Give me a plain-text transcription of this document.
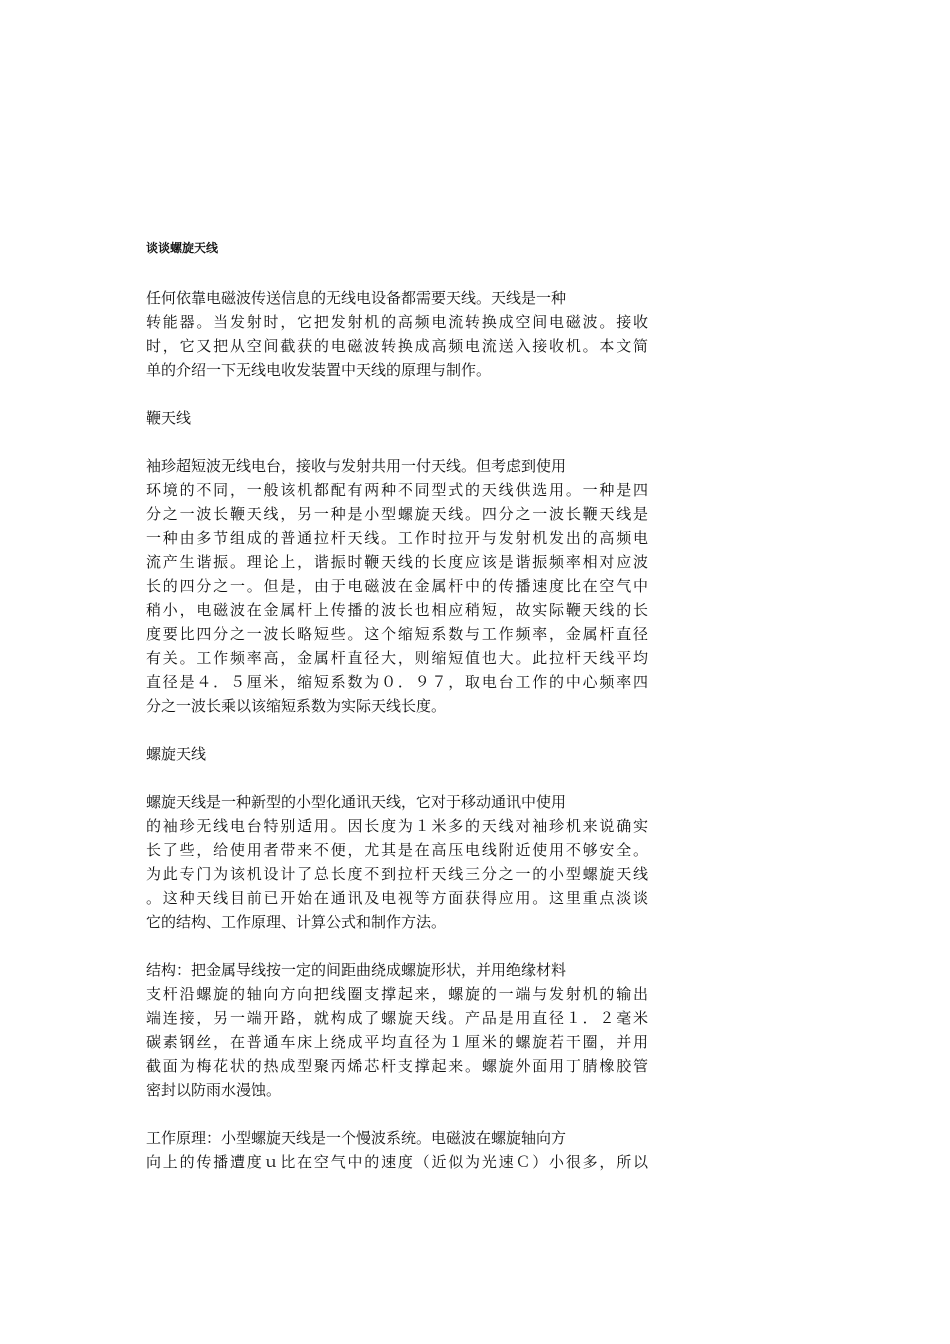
谈谈螺旋天线
任何依靠电磁波传送信息的无线电设备都需要天线。天线是一种
转能器。当发射时，它把发射机的高频电流转换成空间电磁波。接收
时，它又把从空间截获的电磁波转换成高频电流送入接收机。本文简
单的介绍一下无线电收发装置中天线的原理与制作。
鞭天线
袖珍超短波无线电台，接收与发射共用一付天线。但考虑到使用
环境的不同，一般该机都配有两种不同型式的天线供选用。一种是四
分之一波长鞭天线，另一种是小型螺旋天线。四分之一波长鞭天线是
一种由多节组成的普通拉杆天线。工作时拉开与发射机发出的高频电
流产生谐振。理论上，谐振时鞭天线的长度应该是谐振频率相对应波
长的四分之一。但是，由于电磁波在金属杆中的传播速度比在空气中
稍小，电磁波在金属杆上传播的波长也相应稍短，故实际鞭天线的长
度要比四分之一波长略短些。这个缩短系数与工作频率，金属杆直径
有关。工作频率高，金属杆直径大，则缩短值也大。此拉杆天线平均
直径是４．５厘米，缩短系数为０．９７，取电台工作的中心频率四
分之一波长乘以该缩短系数为实际天线长度。
螺旋天线
螺旋天线是一种新型的小型化通讯天线，它对于移动通讯中使用
的袖珍无线电台特别适用。因长度为１米多的天线对袖珍机来说确实
长了些，给使用者带来不便，尤其是在高压电线附近使用不够安全。
为此专门为该机设计了总长度不到拉杆天线三分之一的小型螺旋天线
。这种天线目前已开始在通讯及电视等方面获得应用。这里重点淡谈
它的结构、工作原理、计算公式和制作方法。
结构：把金属导线按一定的间距曲绕成螺旋形状，并用绝缘材料
支杆沿螺旋的轴向方向把线圈支撑起来，螺旋的一端与发射机的输出
端连接，另一端开路，就构成了螺旋天线。产品是用直径１．２毫米
碳素钢丝，在普通车床上绕成平均直径为１厘米的螺旋若干圈，并用
截面为梅花状的热成型聚丙烯芯杆支撑起来。螺旋外面用丁腈橡胶管
密封以防雨水漫蚀。
工作原理：小型螺旋天线是一个慢波系统。电磁波在螺旋轴向方
向上的传播遭度ｕ比在空气中的速度（近似为光速Ｃ）小很多，所以
